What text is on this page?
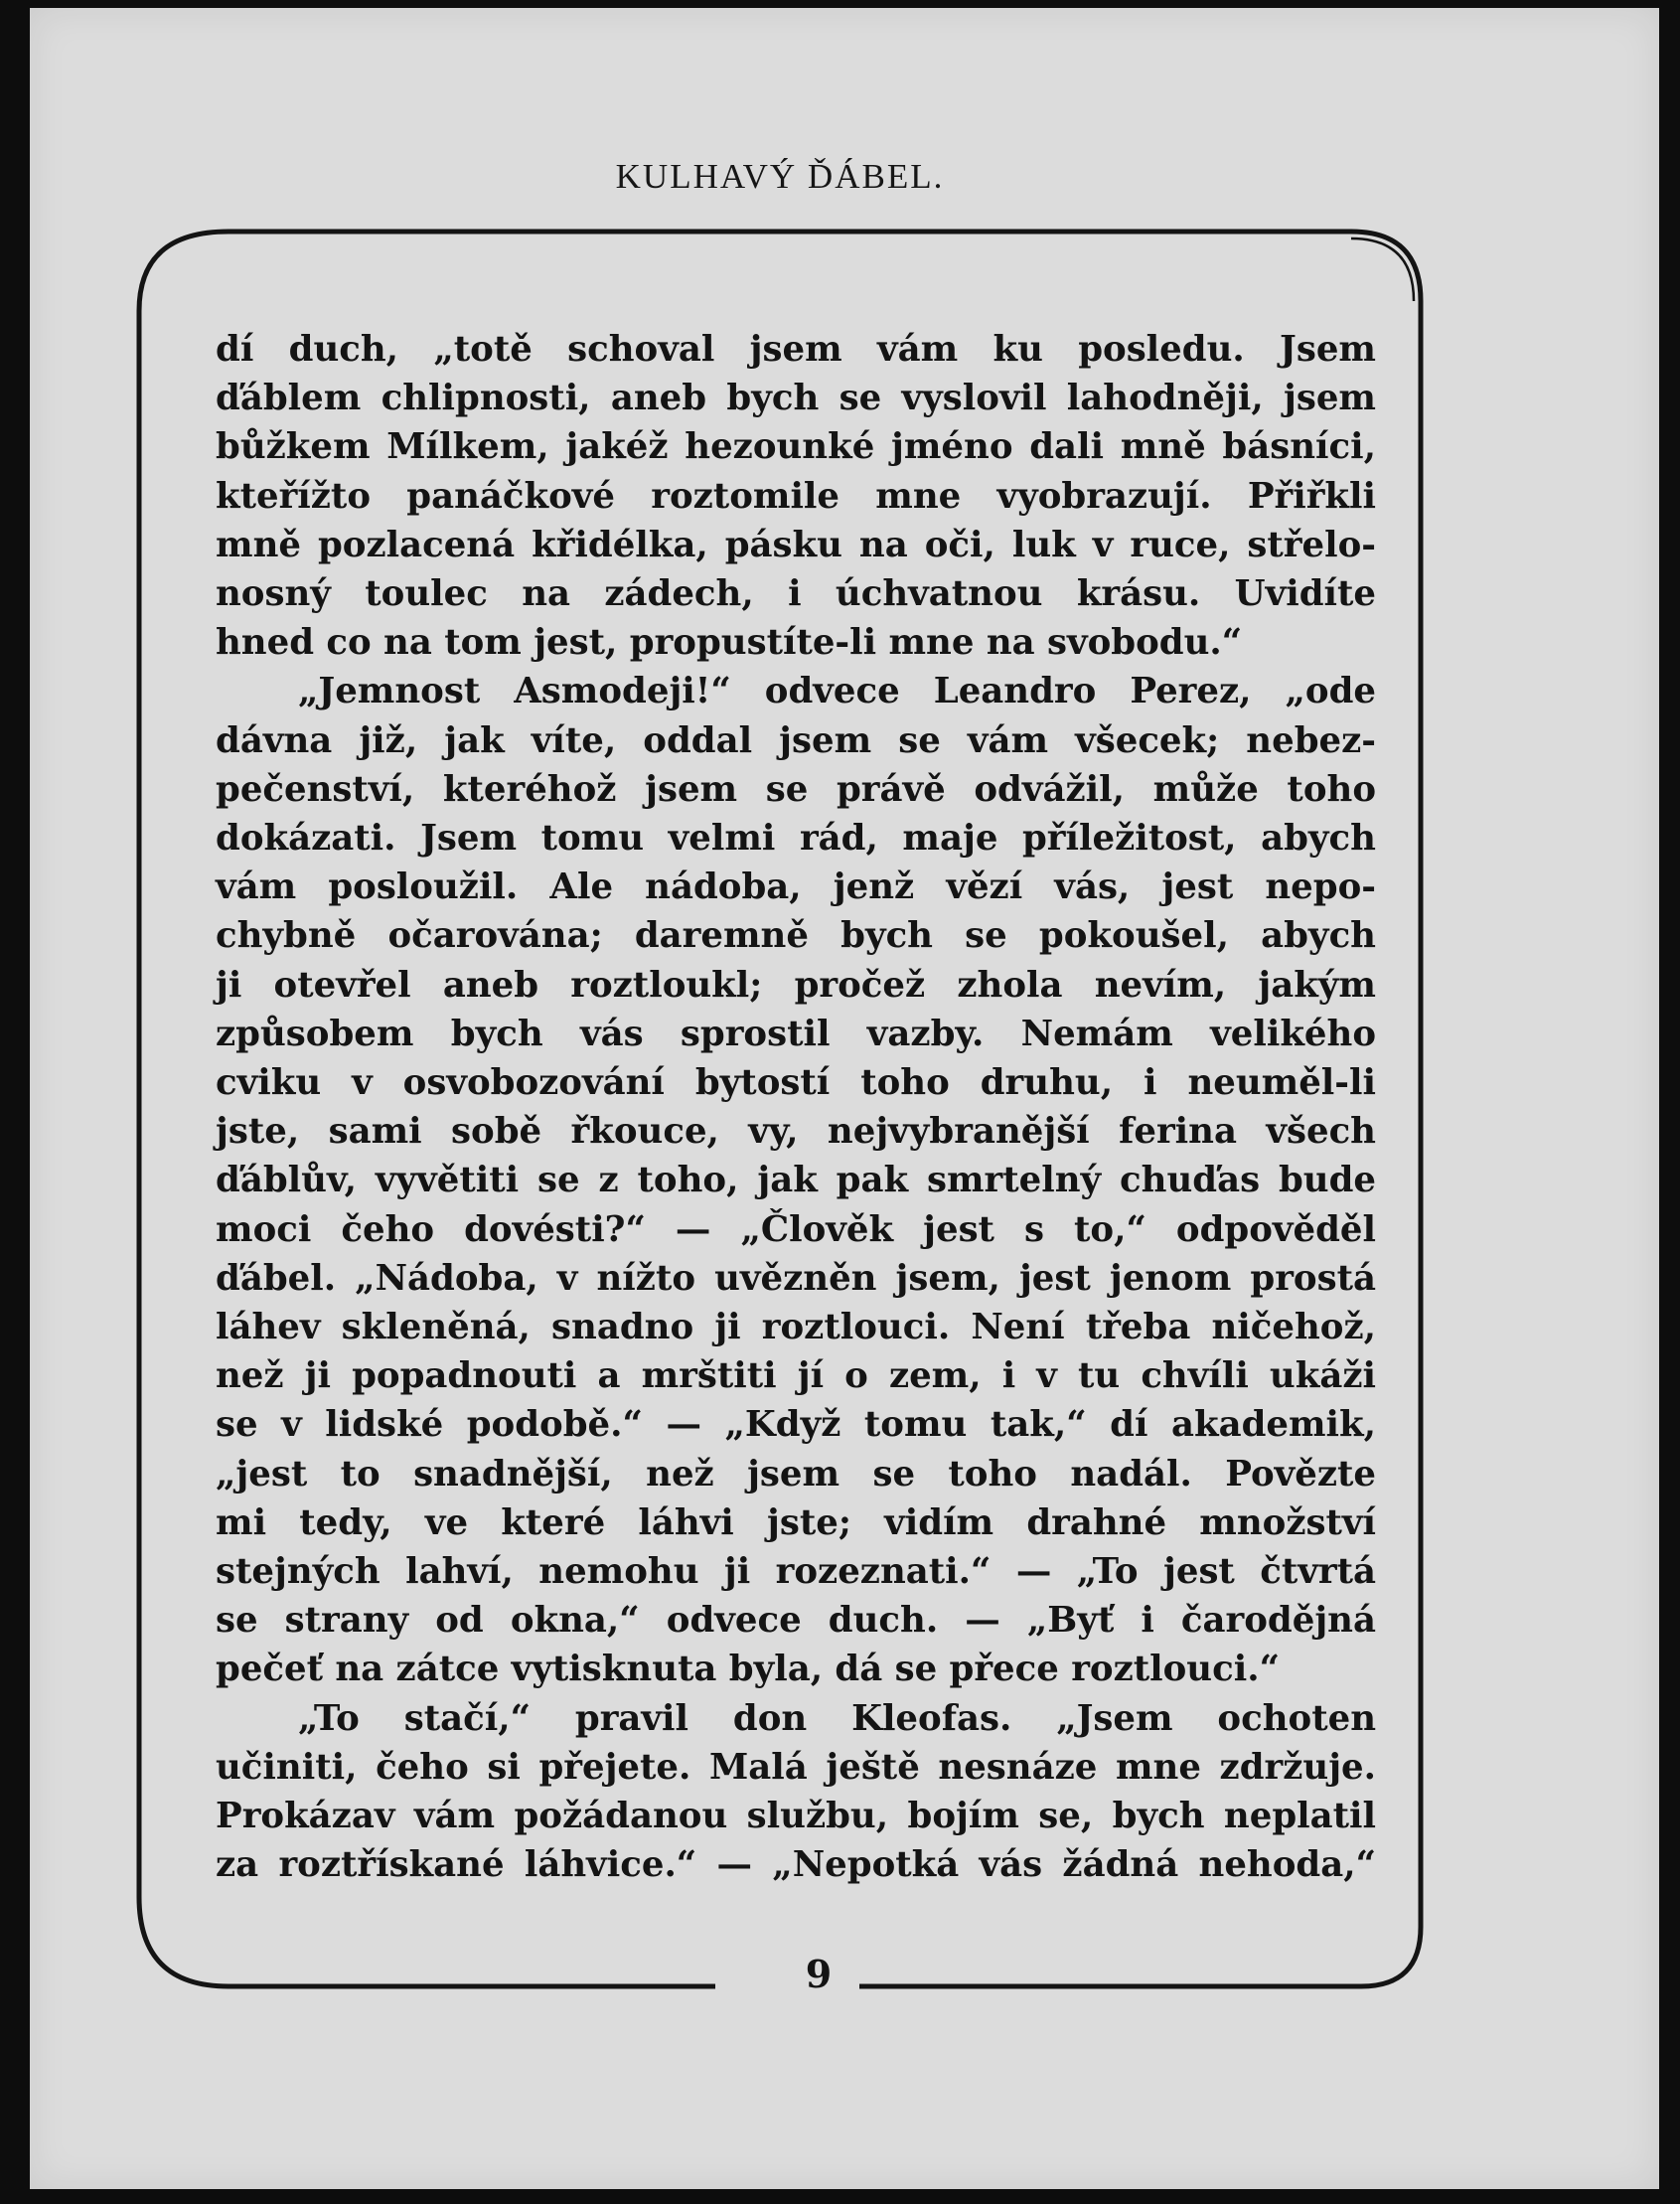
KULHAVÝ ĎÁBEL.
dí duch, „totě schoval jsem vám ku posledu. Jsem
ďáblem chlipnosti, aneb bych se vyslovil lahodněji, jsem
bůžkem Mílkem, jakéž hezounké jméno dali mně básníci,
kteřížto panáčkové roztomile mne vyobrazují. Přiřkli
mně pozlacená křidélka, pásku na oči, luk v ruce, střelo-
nosný toulec na zádech, i úchvatnou krásu. Uvidíte
hned co na tom jest, propustíte-li mne na svobodu.“
„Jemnost Asmodeji!“ odvece Leandro Perez, „ode
dávna již, jak víte, oddal jsem se vám všecek; nebez-
pečenství, kteréhož jsem se právě odvážil, může toho
dokázati. Jsem tomu velmi rád, maje příležitost, abych
vám posloužil. Ale nádoba, jenž vězí vás, jest nepo-
chybně očarována; daremně bych se pokoušel, abych
ji otevřel aneb roztloukl; pročež zhola nevím, jakým
způsobem bych vás sprostil vazby. Nemám velikého
cviku v osvobozování bytostí toho druhu, i neuměl-li
jste, sami sobě řkouce, vy, nejvybranější ferina všech
ďáblův, vyvětiti se z toho, jak pak smrtelný chuďas bude
moci čeho dovésti?“ — „Člověk jest s to,“ odpověděl
ďábel. „Nádoba, v nížto uvězněn jsem, jest jenom prostá
láhev skleněná, snadno ji roztlouci. Není třeba ničehož,
než ji popadnouti a mrštiti jí o zem, i v tu chvíli ukáži
se v lidské podobě.“ — „Když tomu tak,“ dí akademik,
„jest to snadnější, než jsem se toho nadál. Povězte
mi tedy, ve které láhvi jste; vidím drahné množství
stejných lahví, nemohu ji rozeznati.“ — „To jest čtvrtá
se strany od okna,“ odvece duch. — „Byť i čarodějná
pečeť na zátce vytisknuta byla, dá se přece roztlouci.“
„To stačí,“ pravil don Kleofas. „Jsem ochoten
učiniti, čeho si přejete. Malá ještě nesnáze mne zdržuje.
Prokázav vám požádanou službu, bojím se, bych neplatil
za roztřískané láhvice.“ — „Nepotká vás žádná nehoda,“
9
